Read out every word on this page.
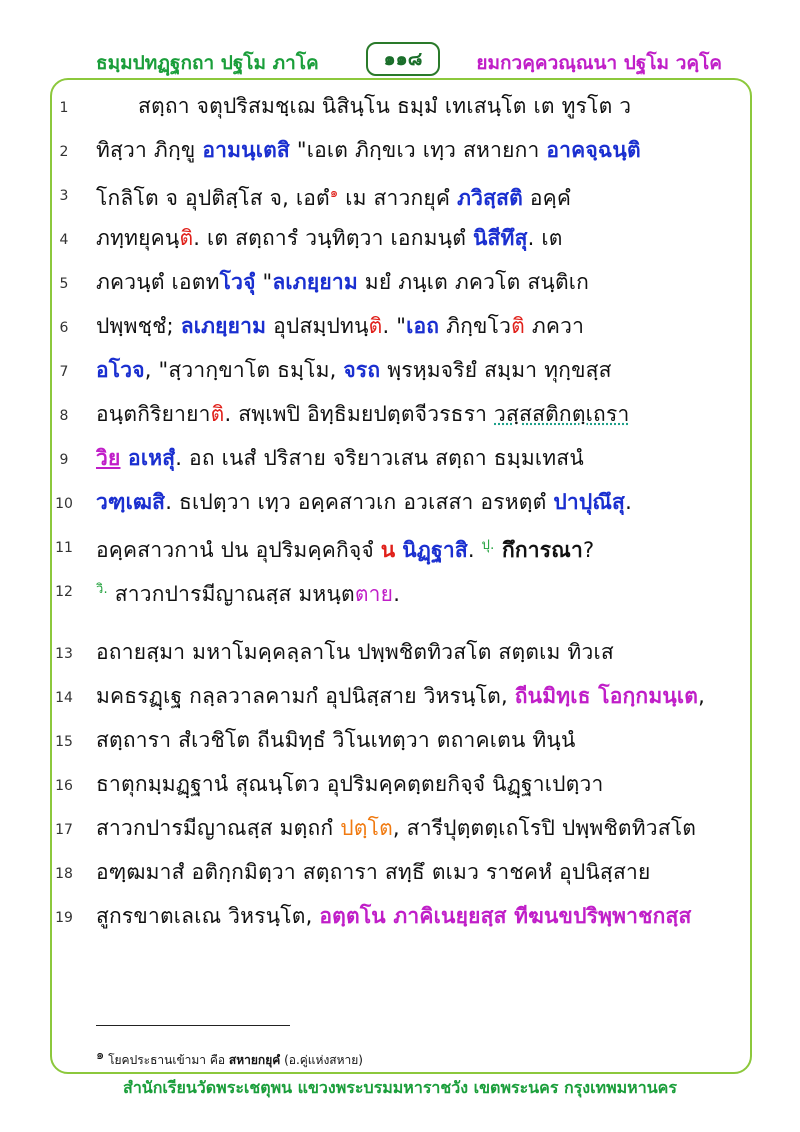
ธมฺมปทฏฺฐกถา ปฐโม ภาโค	๑๑๘	ยมกวคฺควณฺณนา ปฐโม วคฺโค
1	สตฺถา จตุปริสมชฺเฌ นิสินฺโน ธมฺมํ เทเสนฺโต เต ทูรโต ว
2	ทิสฺวา ภิกฺขู อามนฺเตสิ "เอเต ภิกฺขเว เทฺว สหายกา อาคจฺฉนฺติ
3	โกลิโต จ อุปติสฺโส จ, เอตํ$^๑$ เม สาวกยุคํ ภวิสฺสติ อคฺคํ
4	ภทฺทยุคนฺติ. เต สตฺถารํ วนฺทิตฺวา เอกมนฺตํ นิสีทึสุ. เต
5	ภควนฺตํ เอตทโวจุํ "ลเภยฺยาม มยํ ภนฺเต ภควโต สนฺติเก
6	ปพฺพชฺชํ; ลเภยฺยาม อุปสมฺปทนฺติ. "เอถ ภิกฺขโวติ ภควา
7	อโวจ, "สฺวากฺขาโต ธมฺโม, จรถ พฺรหฺมจริยํ สมฺมา ทุกฺขสฺส
8	อนฺตกิริยายาติ. สพฺเพปิ อิทฺธิมยปตฺตจีวรธรา วสฺสสติกตฺเถรา
9	วิย อเหสุํ. อถ เนสํ ปริสาย จริยาวเสน สตฺถา ธมฺมเทสนํ
10 วฑฺเฒสิ. ธเปตฺวา เทฺว อคฺคสาวเก อวเสสา อรหตฺตํ ปาปุณึสุ.
11 อคฺคสาวกานํ ปน อุปริมคฺคกิจฺจํ น นิฏฺฐาสิ. $^{ปุ.}$ กึการณา?
12 $^{วิ.}$ สาวกปารมีญาณสฺส มหนฺตตาย.
13 อถายสฺมา มหาโมคฺคลฺลาโน ปพฺพชิตทิวสโต สตฺตเม ทิวเส
14 มคธรฏฺเฐ กลฺลวาลคามกํ อุปนิสฺสาย วิหรนฺโต, ถีนมิทฺเธ โอกฺกมนฺเต,
15 สตฺถารา สํเวชิโต ถีนมิทฺธํ วิโนเทตฺวา ตถาคเตน ทินฺนํ
16 ธาตุกมฺมฏฺฐานํ สุณนฺโตว อุปริมคฺคตฺตยกิจฺจํ นิฏฺฐาเปตฺวา
17 สาวกปารมีญาณสฺส มตฺถกํ ปตฺโต, สารีปุตฺตตฺเถโรปิ ปพฺพชิตทิวสโต
18 อฑฺฒมาสํ อติกฺกมิตฺวา สตฺถารา สทฺธึ ตเมว ราชคหํ อุปนิสฺสาย
19 สูกรขาตเลเณ วิหรนฺโต, อตฺตโน ภาคิเนยฺยสฺส ทีฆนขปริพฺพาชกสฺส
๑ โยคประธานเข้ามา คือ สหายกยุคํ (อ.คู่แห่งสหาย)
สำนักเรียนวัดพระเชตุพน แขวงพระบรมมหาราชวัง เขตพระนคร กรุงเทพมหานคร
